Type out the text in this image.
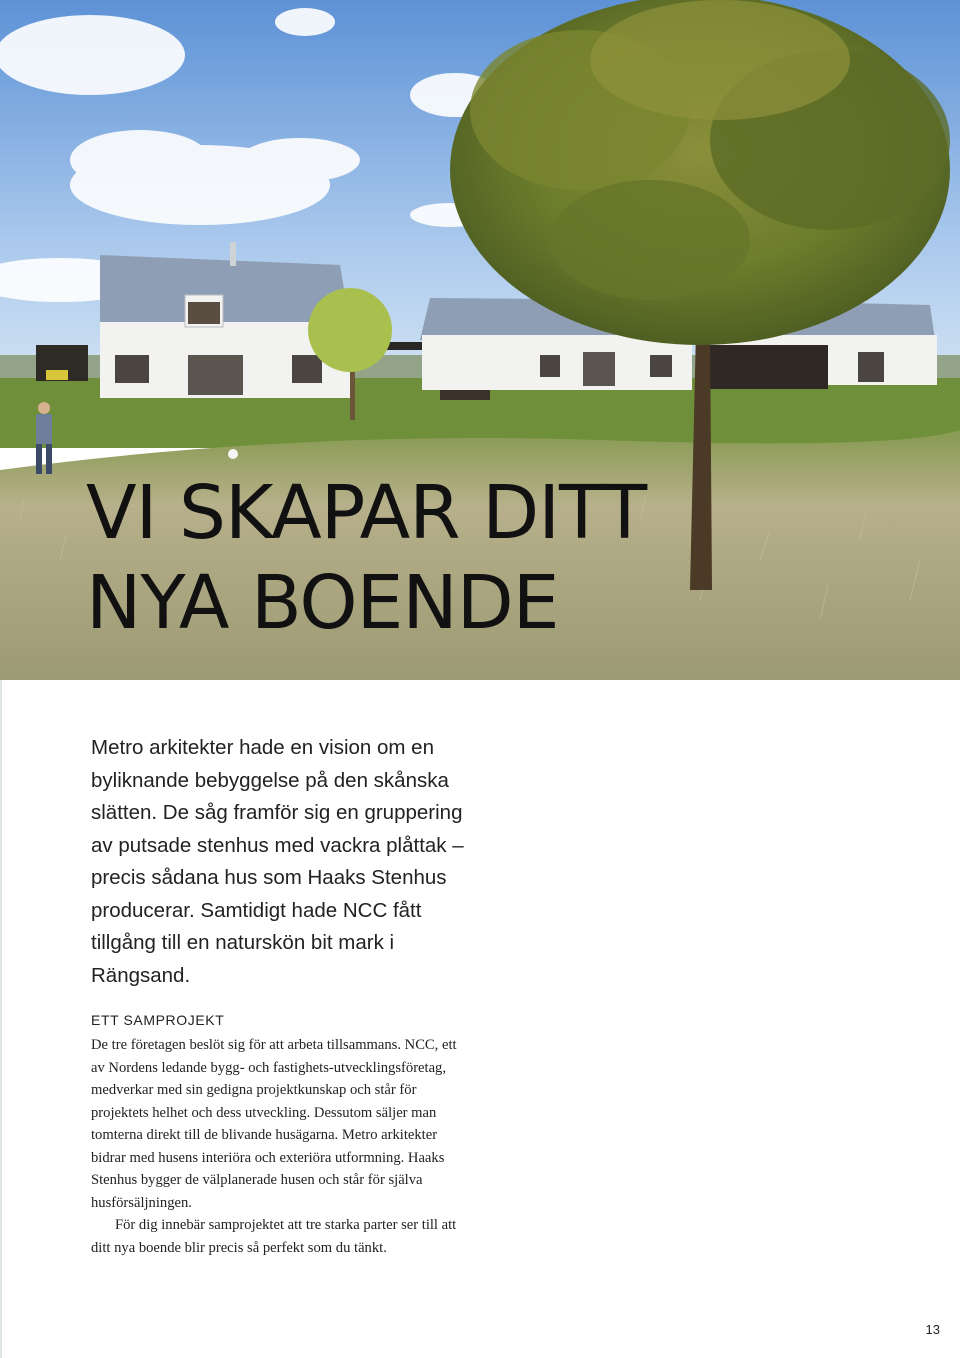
VI SKAPAR DITT
NYA BOENDE

Metro arkitekter hade en vision om en byliknande bebyggelse på den skånska slätten. De såg framför sig en gruppering av putsade stenhus med vackra plåttak – precis sådana hus som Haaks Stenhus producerar. Samtidigt hade NCC fått tillgång till en naturskön bit mark i Rängsand.

ETT SAMPROJEKT

De tre företagen beslöt sig för att arbeta tillsammans. NCC, ett av Nordens ledande bygg- och fastighets-utvecklingsföretag, medverkar med sin gedigna projektkunskap och står för projektets helhet och dess utveckling. Dessutom säljer man tomterna direkt till de blivande husägarna. Metro arkitekter bidrar med husens interiöra och exteriöra utformning. Haaks Stenhus bygger de välplanerade husen och står för själva husförsäljningen.

För dig innebär samprojektet att tre starka parter ser till att ditt nya boende blir precis så perfekt som du tänkt.

13
